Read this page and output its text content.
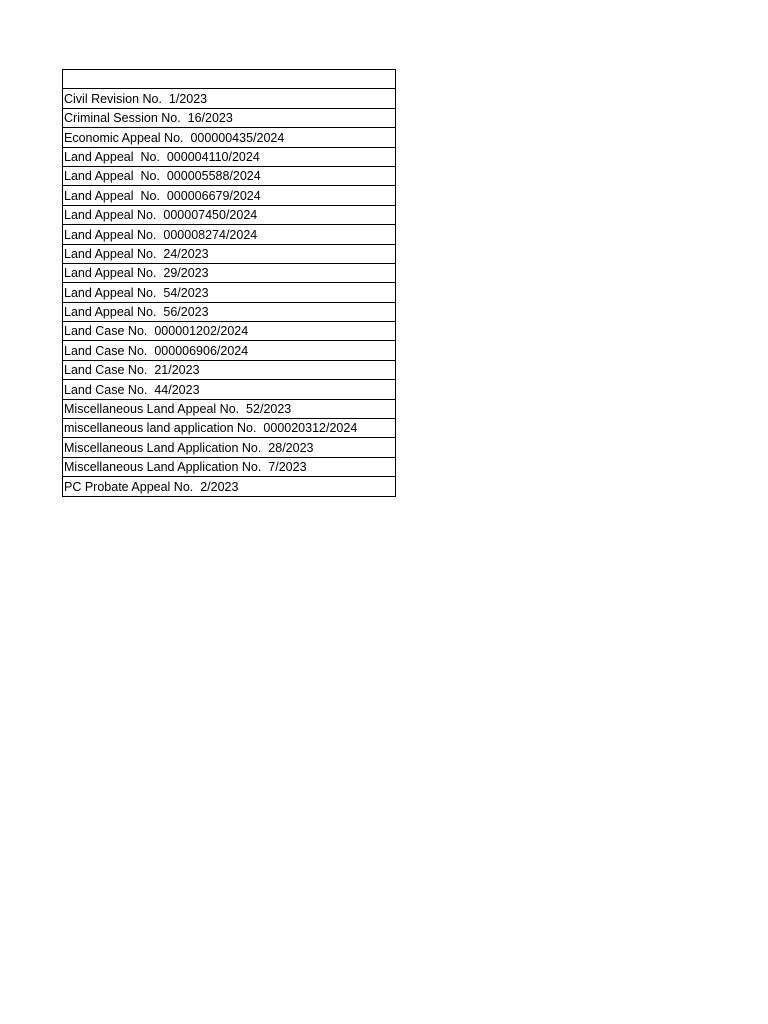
Civil Revision No.  1/2023
Criminal Session No.  16/2023
Economic Appeal No.  000000435/2024
Land Appeal  No.  000004110/2024
Land Appeal  No.  000005588/2024
Land Appeal  No.  000006679/2024
Land Appeal No.  000007450/2024
Land Appeal No.  000008274/2024
Land Appeal No.  24/2023
Land Appeal No.  29/2023
Land Appeal No.  54/2023
Land Appeal No.  56/2023
Land Case No.  000001202/2024
Land Case No.  000006906/2024
Land Case No.  21/2023
Land Case No.  44/2023
Miscellaneous Land Appeal No.  52/2023
miscellaneous land application No.  000020312/2024
Miscellaneous Land Application No.  28/2023
Miscellaneous Land Application No.  7/2023
PC Probate Appeal No.  2/2023
